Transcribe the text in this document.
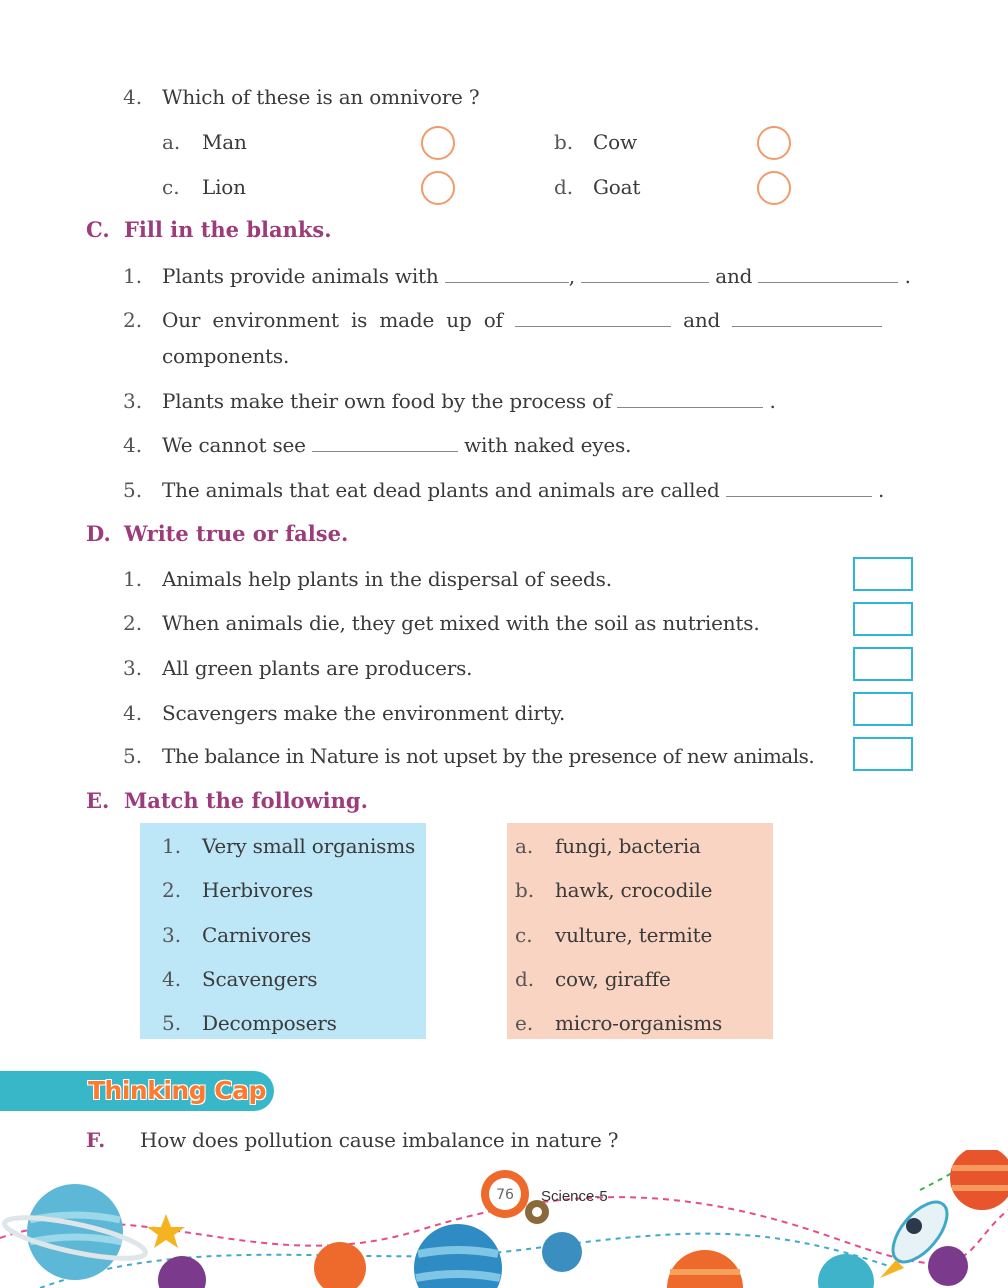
4. Which of these is an omnivore ?
a. Man	b. Cow
c. Lion	d. Goat
C. Fill in the blanks.
1. Plants provide animals with	,	and	.
2. Our environment is made up of	and
components.
3. Plants make their own food by the process of	.
4. We cannot see	with naked eyes.
5. The animals that eat dead plants and animals are called	.
D. Write true or false.
1. Animals help plants in the dispersal of seeds.
2. When animals die, they get mixed with the soil as nutrients.
3. All green plants are producers.
4. Scavengers make the environment dirty.
5. The balance in Nature is not upset by the presence of new animals.
E. Match the following.
1. Very small organisms
2. Herbivores
3. Carnivores
4. Scavengers
5. Decomposers
a. fungi, bacteria
b. hawk, crocodile
c. vulture, termite
d. cow, giraffe
e. micro-organisms
Thinking Cap
F. How does pollution cause imbalance in nature ?
76	Science-5
